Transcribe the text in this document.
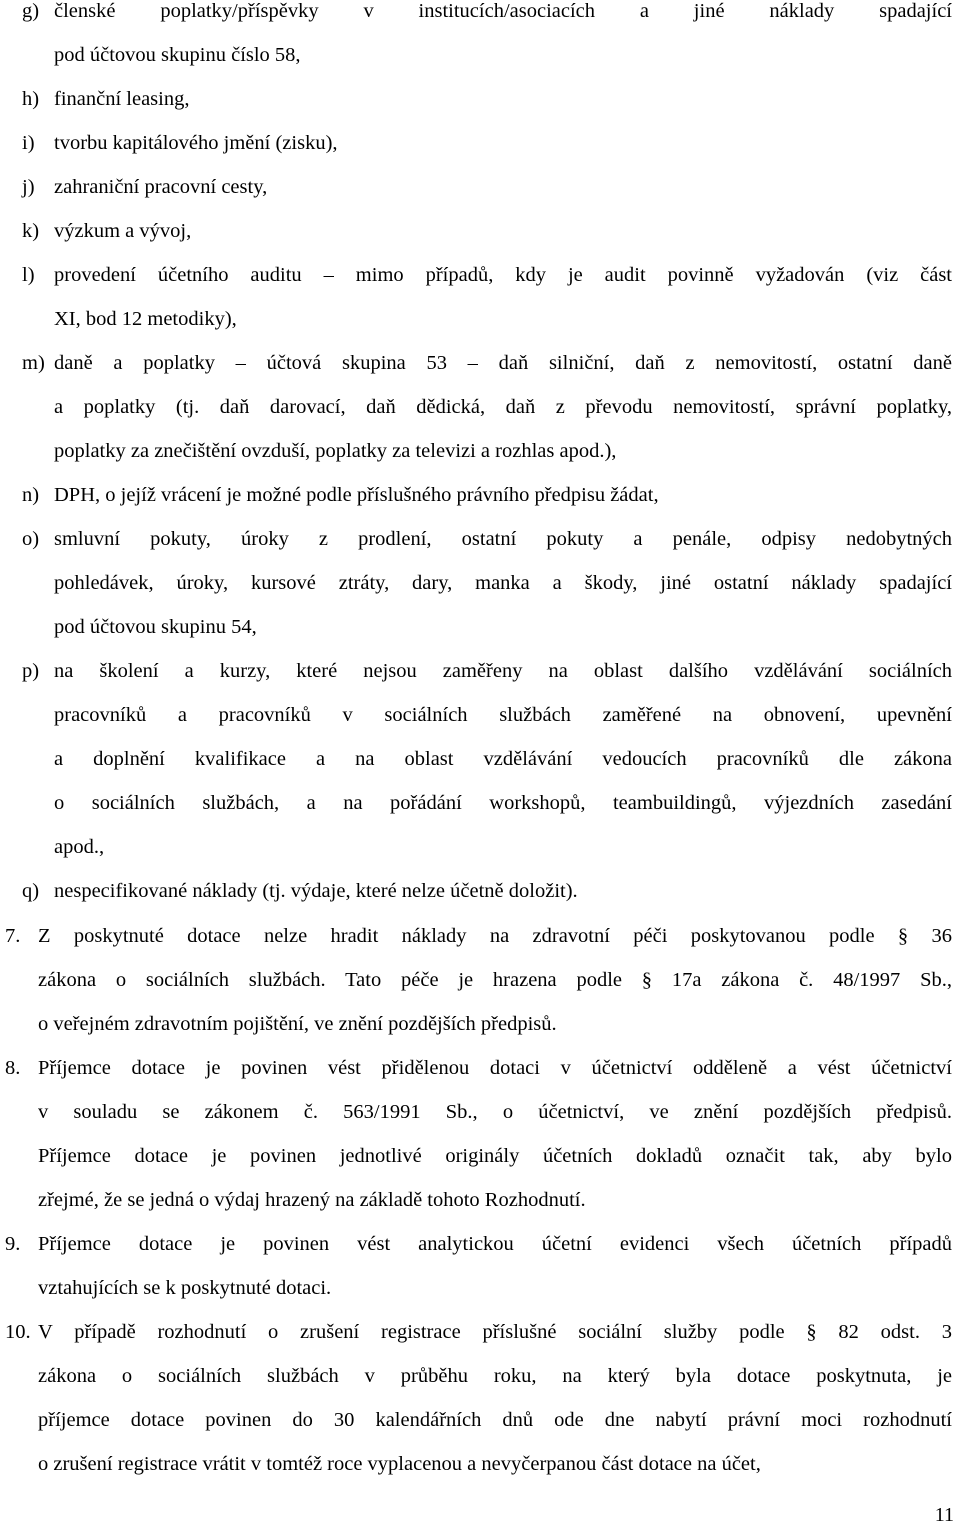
g) členské poplatky/příspěvky v institucích/asociacích a jiné náklady spadající
pod účtovou skupinu číslo 58,
h) finanční leasing,
i) tvorbu kapitálového jmění (zisku),
j) zahraniční pracovní cesty,
k) výzkum a vývoj,
l) provedení účetního auditu – mimo případů, kdy je audit povinně vyžadován (viz část
XI, bod 12 metodiky),
m) daně a poplatky – účtová skupina 53 – daň silniční, daň z nemovitostí, ostatní daně
a poplatky (tj. daň darovací, daň dědická, daň z převodu nemovitostí, správní poplatky,
poplatky za znečištění ovzduší, poplatky za televizi a rozhlas apod.),
n) DPH, o jejíž vrácení je možné podle příslušného právního předpisu žádat,
o) smluvní pokuty, úroky z prodlení, ostatní pokuty a penále, odpisy nedobytných
pohledávek, úroky, kursové ztráty, dary, manka a škody, jiné ostatní náklady spadající
pod účtovou skupinu 54,
p) na školení a kurzy, které nejsou zaměřeny na oblast dalšího vzdělávání sociálních
pracovníků a pracovníků v sociálních službách zaměřené na obnovení, upevnění
a doplnění kvalifikace a na oblast vzdělávání vedoucích pracovníků dle zákona
o sociálních službách, a na pořádání workshopů, teambuildingů, výjezdních zasedání
apod.,
q) nespecifikované náklady (tj. výdaje, které nelze účetně doložit).
7. Z poskytnuté dotace nelze hradit náklady na zdravotní péči poskytovanou podle § 36
zákona o sociálních službách. Tato péče je hrazena podle § 17a zákona č. 48/1997 Sb.,
o veřejném zdravotním pojištění, ve znění pozdějších předpisů.
8. Příjemce dotace je povinen vést přidělenou dotaci v účetnictví odděleně a vést účetnictví
v souladu se zákonem č. 563/1991 Sb., o účetnictví, ve znění pozdějších předpisů.
Příjemce dotace je povinen jednotlivé originály účetních dokladů označit tak, aby bylo
zřejmé, že se jedná o výdaj hrazený na základě tohoto Rozhodnutí.
9. Příjemce dotace je povinen vést analytickou účetní evidenci všech účetních případů
vztahujících se k poskytnuté dotaci.
10. V případě rozhodnutí o zrušení registrace příslušné sociální služby podle § 82 odst. 3
zákona o sociálních službách v průběhu roku, na který byla dotace poskytnuta, je
příjemce dotace povinen do 30 kalendářních dnů ode dne nabytí právní moci rozhodnutí
o zrušení registrace vrátit v tomtéž roce vyplacenou a nevyčerpanou část dotace na účet,
11
